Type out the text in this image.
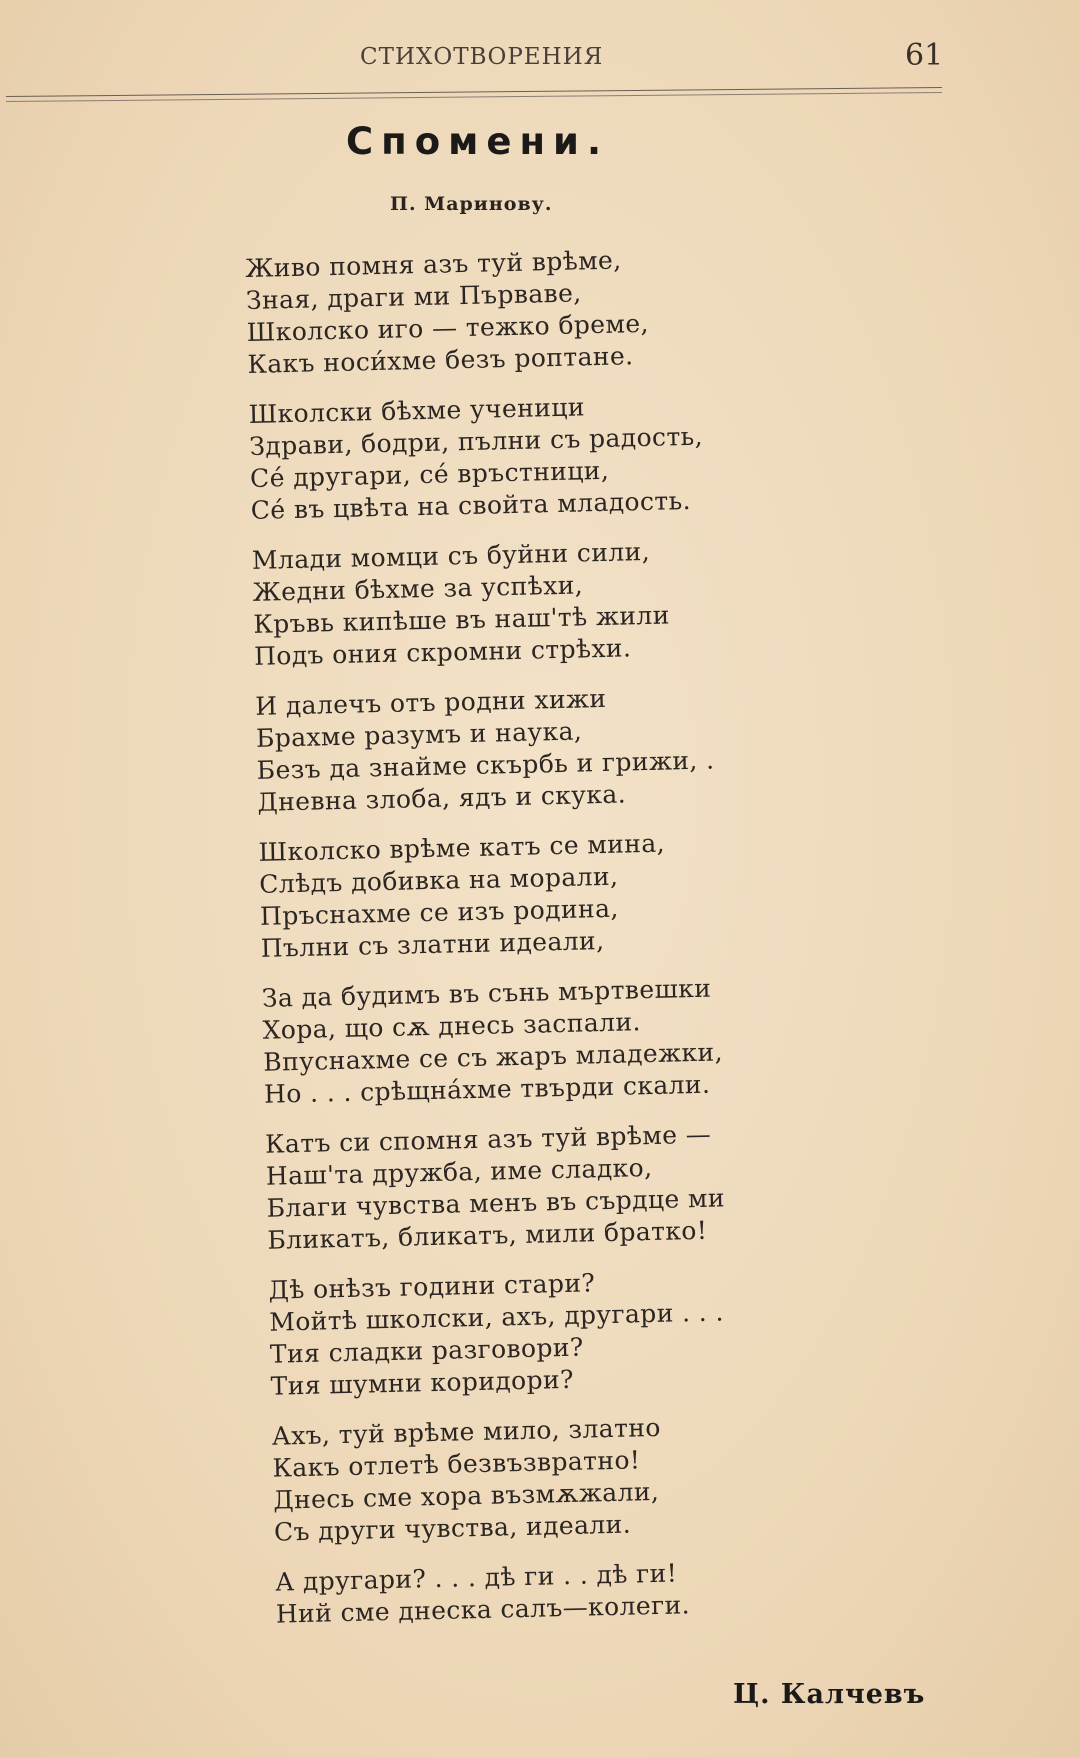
СТИХОТВОРЕНИЯ	61
Спомени.
П. Маринову.
Живо помня азъ туй врѣме,
Зная, драги ми Първаве,
Школско иго — тежко бреме,
Какъ носи́хме безъ роптане.
Школски бѣхме ученици
Здрави, бодри, пълни съ радость,
Се́ другари, се́ връстници,
Се́ въ цвѣта на свойта младость.
Млади момци съ буйни сили,
Жедни бѣхме за успѣхи,
Кръвь кипѣше въ наш'тѣ жили
Подъ ония скромни стрѣхи.
И далечъ отъ родни хижи
Брахме разумъ и наука,
Безъ да знайме скърбь и грижи, .
Дневна злоба, ядъ и скука.
Школско врѣме катъ се мина,
Слѣдъ добивка на морали,
Пръснахме се изъ родина,
Пълни съ златни идеали,
За да будимъ въ сънь мъртвешки
Хора, що сѫ днесь заспали.
Впуснахме се съ жаръ младежки,
Но . . . срѣщна́хме твърди скали.
Катъ си спомня азъ туй врѣме —
Наш'та дружба, име сладко,
Благи чувства менъ въ сърдце ми
Бликатъ, бликатъ, мили братко!
Дѣ онѣзъ години стари?
Мойтѣ школски, ахъ, другари . . .
Тия сладки разговори?
Тия шумни коридори?
Ахъ, туй врѣме мило, златно
Какъ отлетѣ безвъзвратно!
Днесь сме хора възмѫжали,
Съ други чувства, идеали.
А другари? . . . дѣ ги . . дѣ ги!
Ний сме днеска салъ—колеги.
Ц. Калчевъ
